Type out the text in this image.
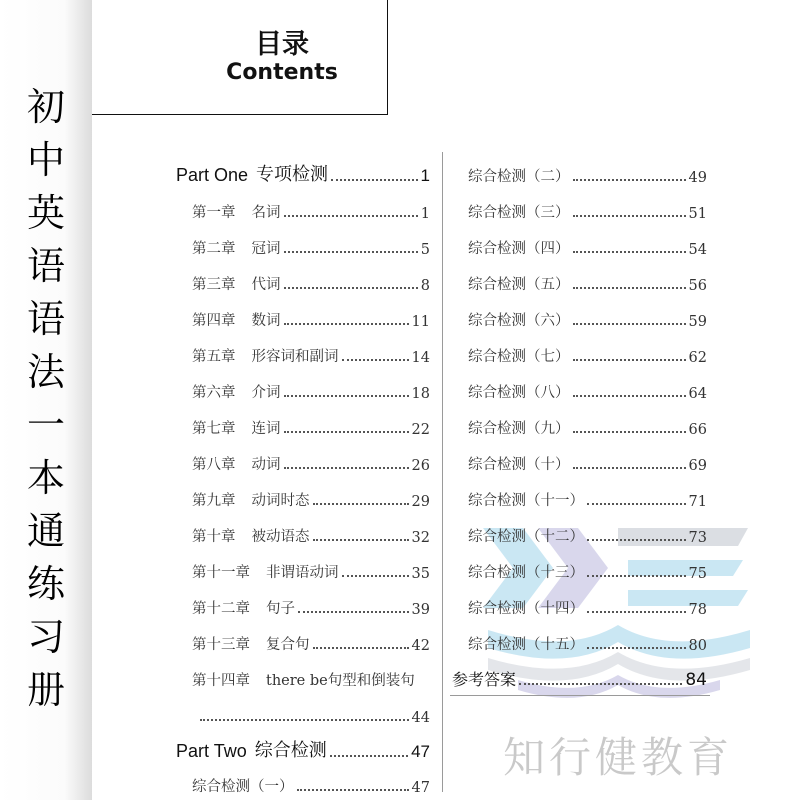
初
中
英
语
语
法
一
本
通
练
习
册
目录
Contents
知行健教育
Part One 专项检测	1
第一章 名词	1
第二章 冠词	5
第三章 代词	8
第四章 数词	11
第五章 形容词和副词	14
第六章 介词	18
第七章 连词	22
第八章 动词	26
第九章 动词时态	29
第十章 被动语态	32
第十一章 非谓语动词	35
第十二章 句子	39
第十三章 复合句	42
第十四章 there be句型和倒装句
44
Part Two 综合检测	47
综合检测（一）	47
综合检测（二）	49
综合检测（三）	51
综合检测（四）	54
综合检测（五）	56
综合检测（六）	59
综合检测（七）	62
综合检测（八）	64
综合检测（九）	66
综合检测（十）	69
综合检测（十一）	71
综合检测（十二）	73
综合检测（十三）	75
综合检测（十四）	78
综合检测（十五）	80
参考答案	84
